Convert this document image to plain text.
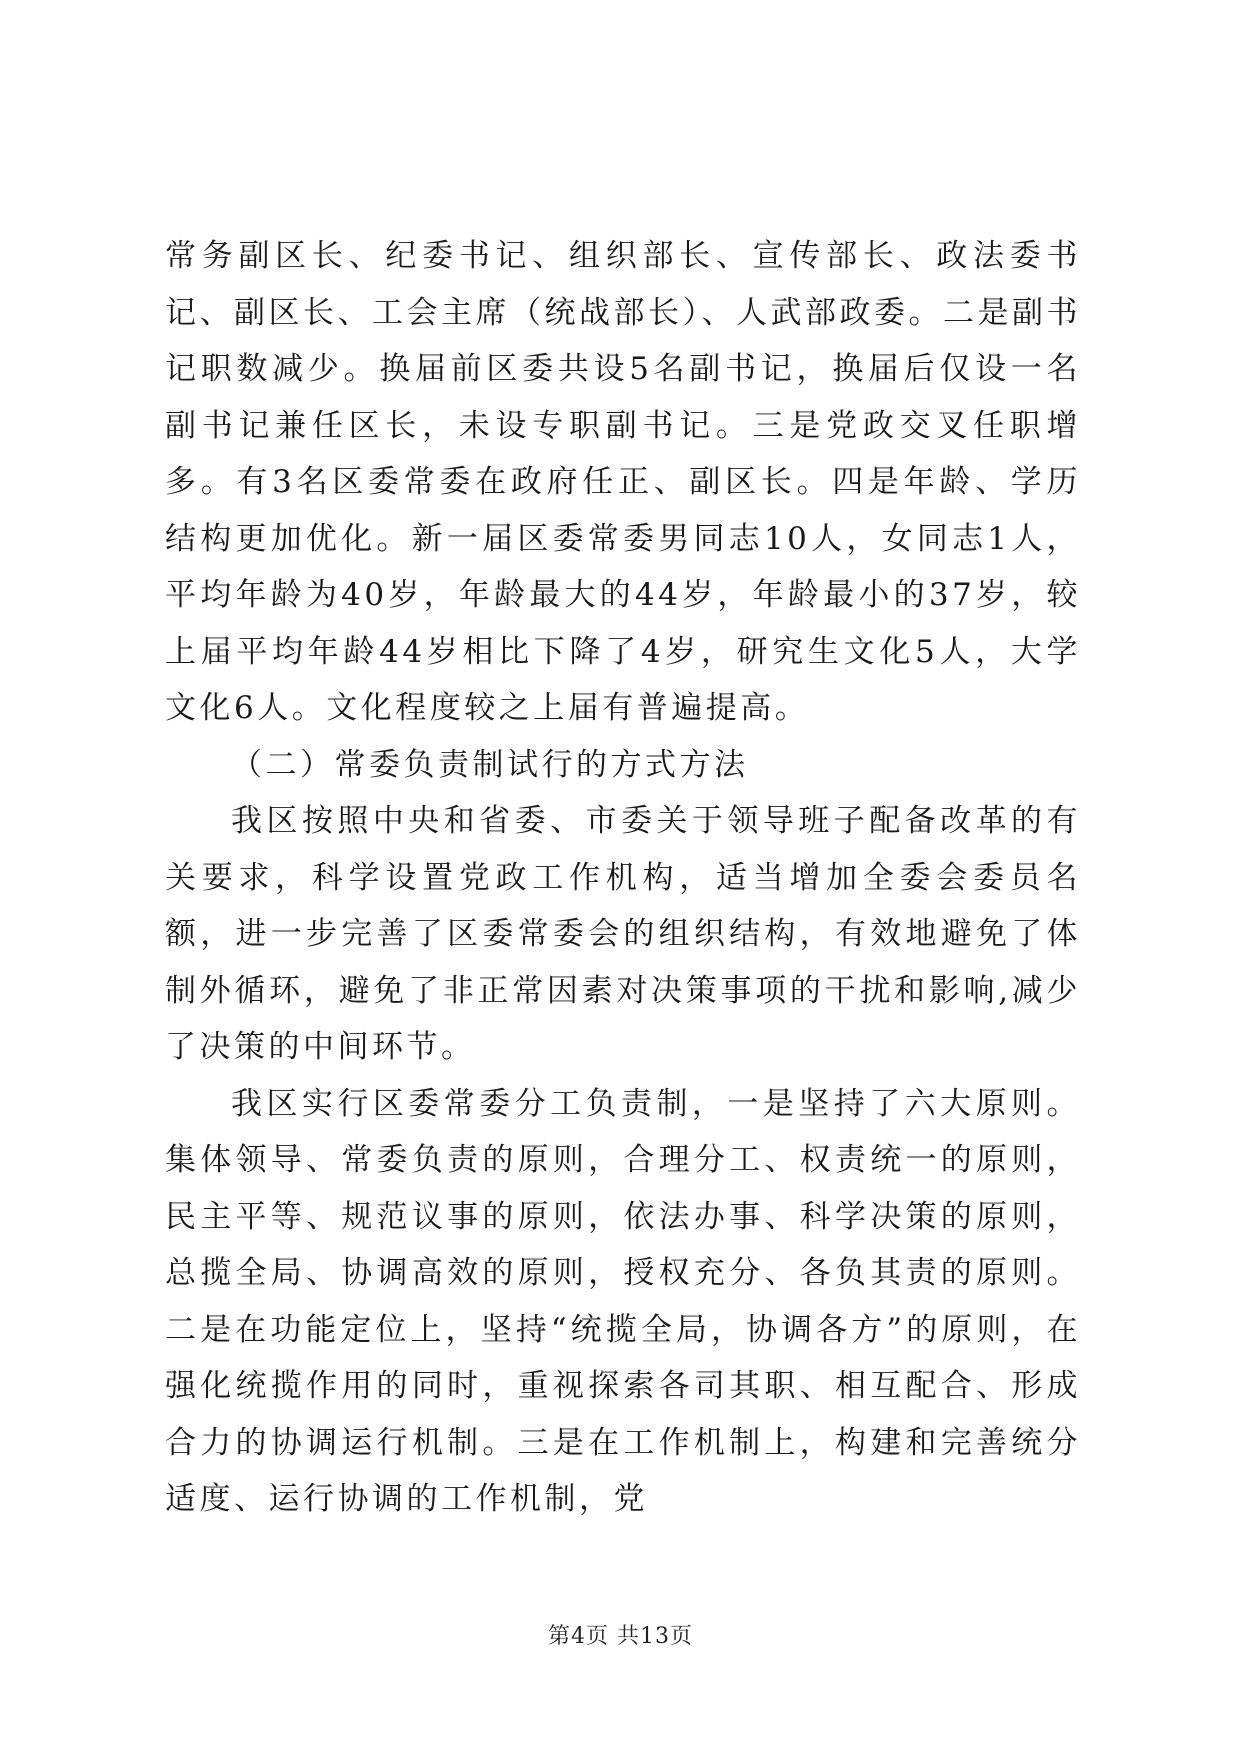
常务副区长、纪委书记、组织部长、宣传部长、政法委书记、副区长、工会主席（统战部长）、人武部政委。二是副书记职数减少。换届前区委共设5名副书记，换届后仅设一名副书记兼任区长，未设专职副书记。三是党政交叉任职增多。有3名区委常委在政府任正、副区长。四是年龄、学历结构更加优化。新一届区委常委男同志10人，女同志1人，平均年龄为40岁，年龄最大的44岁，年龄最小的37岁，较上届平均年龄44岁相比下降了4岁，研究生文化5人，大学文化6人。文化程度较之上届有普遍提高。

（二）常委负责制试行的方式方法

我区按照中央和省委、市委关于领导班子配备改革的有关要求，科学设置党政工作机构，适当增加全委会委员名额，进一步完善了区委常委会的组织结构，有效地避免了体制外循环，避免了非正常因素对决策事项的干扰和影响,减少了决策的中间环节。

我区实行区委常委分工负责制，一是坚持了六大原则。集体领导、常委负责的原则，合理分工、权责统一的原则，民主平等、规范议事的原则，依法办事、科学决策的原则，总揽全局、协调高效的原则，授权充分、各负其责的原则。二是在功能定位上，坚持“统揽全局，协调各方”的原则，在强化统揽作用的同时，重视探索各司其职、相互配合、形成合力的协调运行机制。三是在工作机制上，构建和完善统分适度、运行协调的工作机制，党

第4页 共13页
